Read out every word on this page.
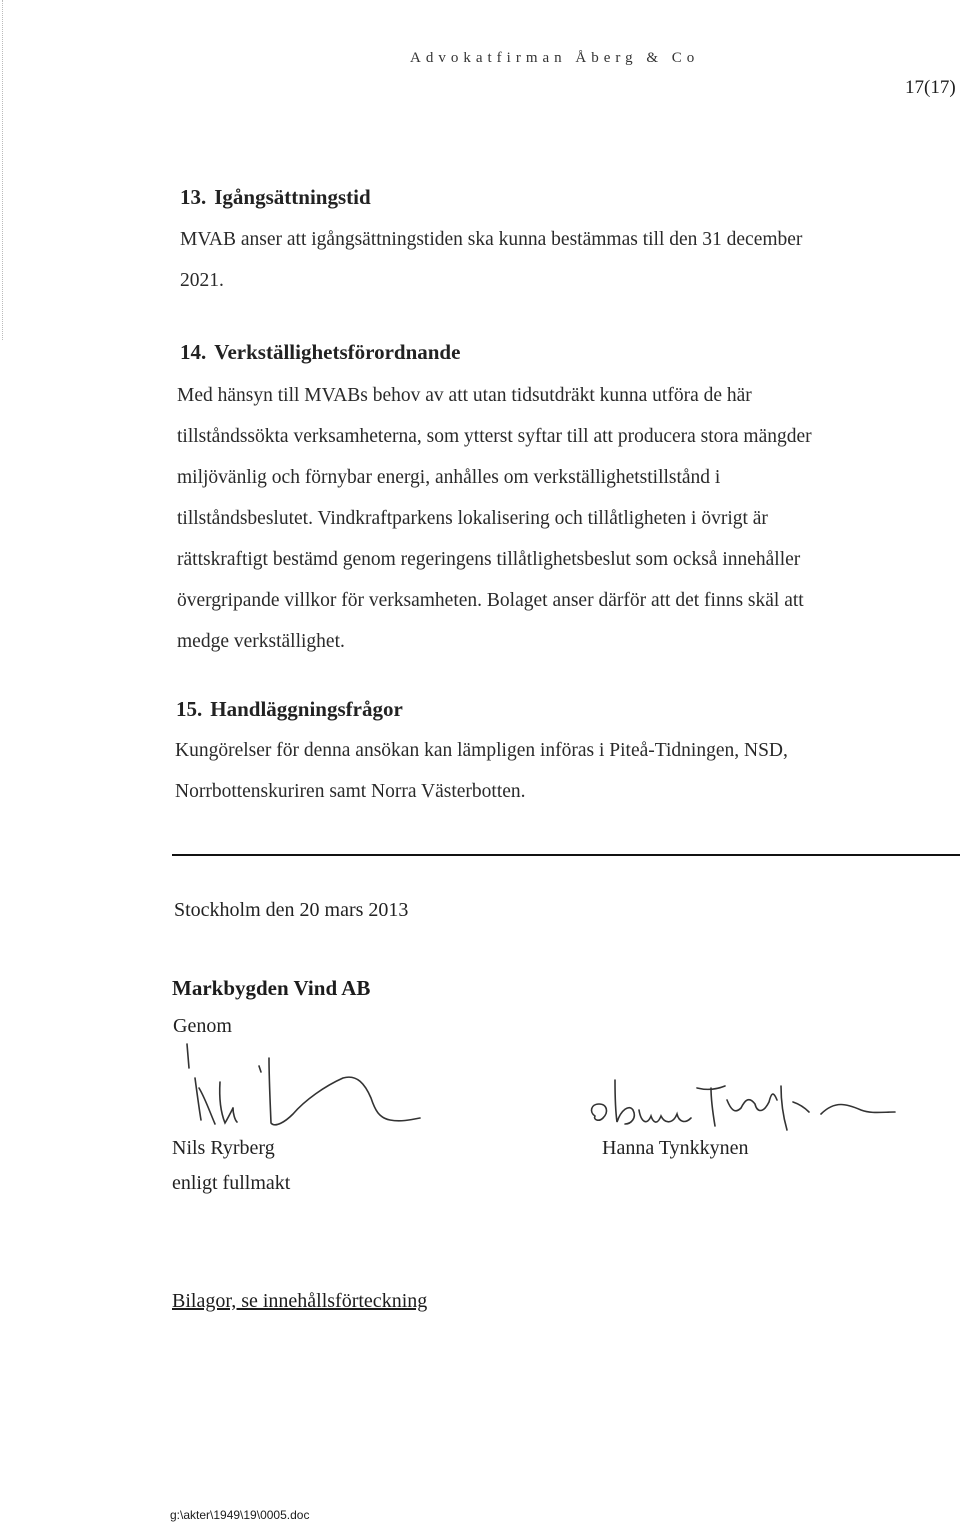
Advokatfirman Åberg & Co
17(17)
13. Igångsättningstid
MVAB anser att igångsättningstiden ska kunna bestämmas till den 31 december
2021.
14. Verkställighetsförordnande
Med hänsyn till MVABs behov av att utan tidsutdräkt kunna utföra de här
tillståndssökta verksamheterna, som ytterst syftar till att producera stora mängder
miljövänlig och förnybar energi, anhålles om verkställighetstillstånd i
tillståndsbeslutet. Vindkraftparkens lokalisering och tillåtligheten i övrigt är
rättskraftigt bestämd genom regeringens tillåtlighetsbeslut som också innehåller
övergripande villkor för verksamheten. Bolaget anser därför att det finns skäl att
medge verkställighet.
15. Handläggningsfrågor
Kungörelser för denna ansökan kan lämpligen införas i Piteå-Tidningen, NSD,
Norrbottenskuriren samt Norra Västerbotten.
Stockholm den 20 mars 2013
Markbygden Vind AB
Genom
Nils Ryrberg
enligt fullmakt
Hanna Tynkkynen
Bilagor, se innehållsförteckning
g:\akter\1949\19\0005.doc
